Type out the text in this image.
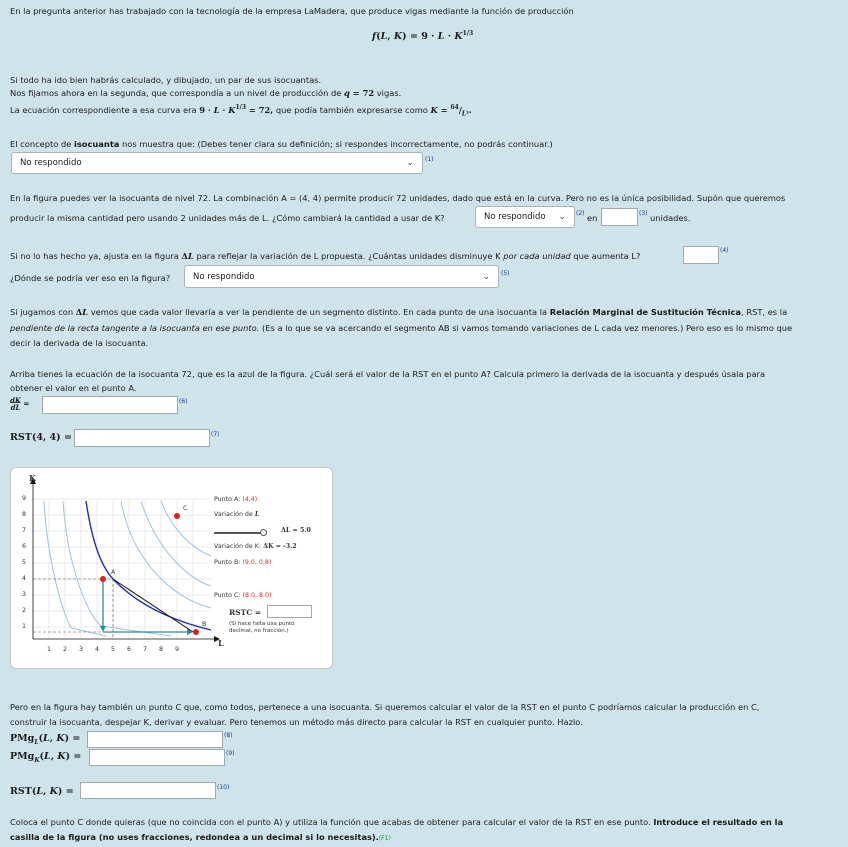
En la pregunta anterior has trabajado con la tecnología de la empresa LaMadera, que produce vigas mediante la función de producción
f(L, $K) = 9 \cdot L \cdot K^{1/3}$
Si todo ha ido bien habrás calculado, y dibujado, un par de sus isocuantas.
Nos fijamos ahora en la segunda, que correspondía a un nivel de producción de q = 72 vigas.
La ecuación correspondiente a esa curva era $9 \cdot L \cdot K^{1/3} = 72$, que podía también expresarse como $K = ^{64}/_{L^3}$.
El concepto de isocuanta nos muestra que: (Debes tener clara su definición; si respondes incorrectamente, no podrás continuar.)
No respondido	⌄ (1)
En la figura puedes ver la isocuanta de nivel 72. La combinación A = (4, 4) permite producir 72 unidades, dado que está en la curva. Pero no es la única posibilidad. Supón que queremos
producir la misma cantidad pero usando 2 unidades más de L. ¿Cómo cambiará la cantidad a usar de K?	No respondido ⌄ (2) en	(3) unidades.
Si no lo has hecho ya, ajusta en la figura ΔL para reflejar la variación de L propuesta. ¿Cuántas unidades disminuye K por cada unidad que aumenta L?
(4)
¿Dónde se podría ver eso en la figura?	No respondido	⌄ (5)
Si jugamos con ΔL vemos que cada valor llevaría a ver la pendiente de un segmento distinto. En cada punto de una isocuanta la Relación Marginal de Sustitución Técnica, RST, es la
pendiente de la recta tangente a la isocuanta en ese punto. (Es a lo que se va acercando el segmento AB si vamos tomando variaciones de L cada vez menores.) Pero eso es lo mismo que
decir la derivada de la isocuanta.
Arriba tienes la ecuación de la isocuanta 72, que es la azul de la figura. ¿Cuál será el valor de la RST en el punto A? Calcula primero la derivada de la isocuanta y después úsala para
obtener el valor en el punto A.
dK
dL =	(6)
RST(4, 4) =	(7)
K
L
1
2
3
4
5
6
7
8
9
1 2 3 4 5 6 7 8 9
A
B
C
Punto A: (4,4)
Variación de L
ΔL = 5.0
Variación de K: ΔK = -3.2
Punto B: (9.0, 0.8)
Punto C: (8.0, 8.0)
RSTC =
(Si hace falta usa punto
decimal, no fracción.)
Pero en la figura hay también un punto C que, como todos, pertenece a una isocuanta. Si queremos calcular el valor de la RST en el punto C podríamos calcular la producción en C,
construir la isocuanta, despejar K, derivar y evaluar. Pero tenemos un método más directo para calcular la RST en cualquier punto. Hazlo.
PMg$_L$(L, K) =	(8)
PMg$_K$(L, K) =	(9)
RST(L, K) =	(10)
Coloca el punto C donde quieras (que no coincida con el punto A) y utiliza la función que acabas de obtener para calcular el valor de la RST en ese punto. Introduce el resultado en la
casilla de la figura (no uses fracciones, redondea a un decimal si lo necesitas).(F1)
